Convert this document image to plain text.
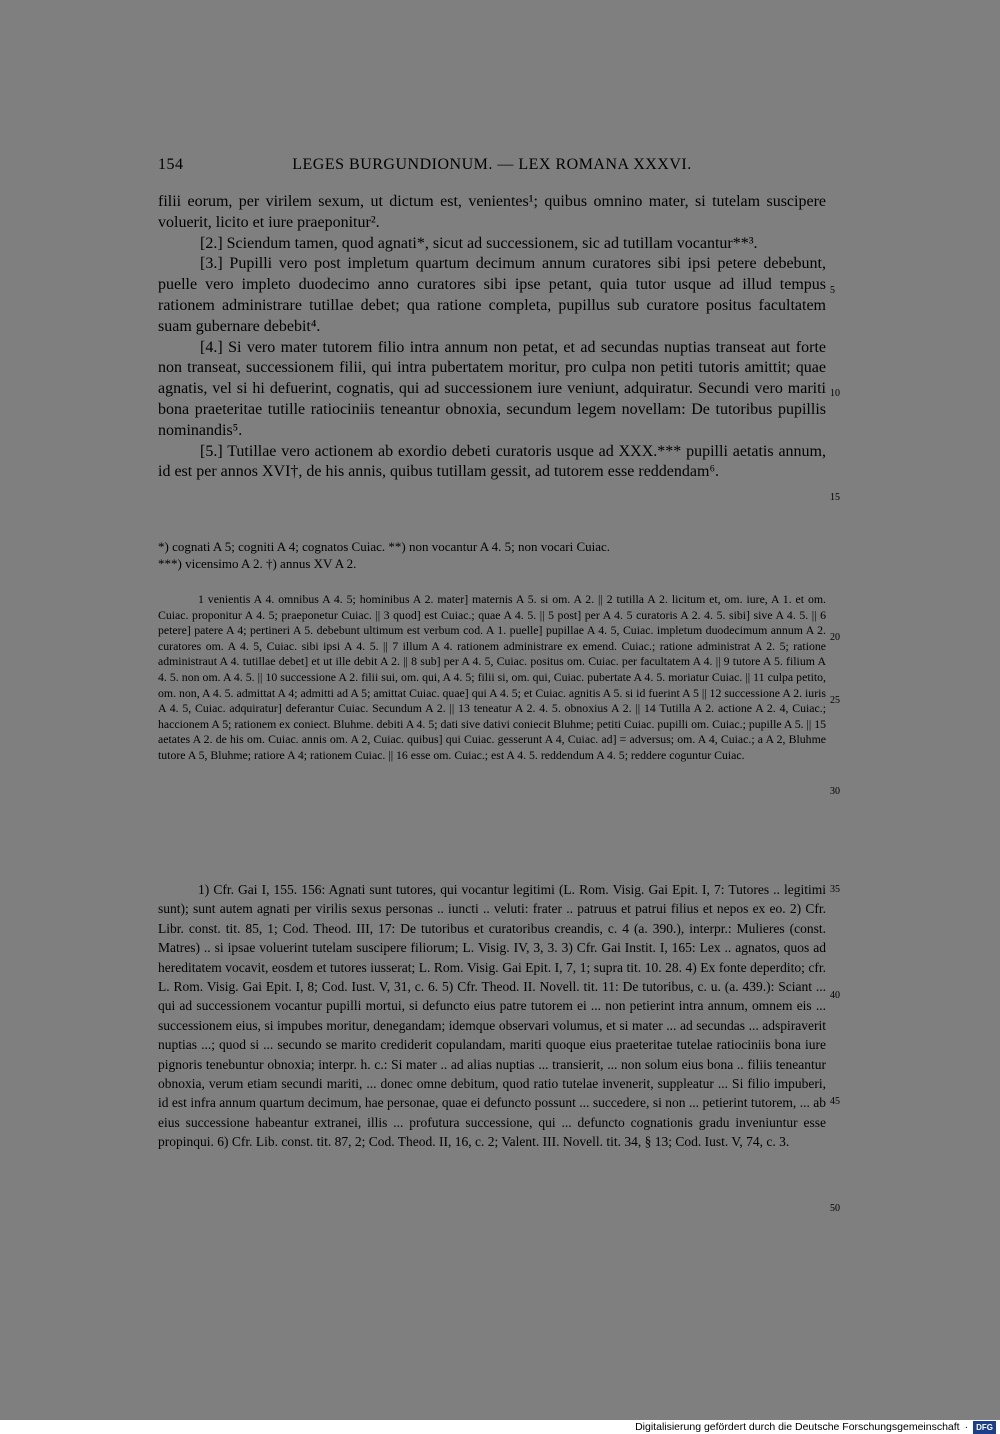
154	LEGES BURGUNDIONUM. — LEX ROMANA XXXVI.

filii eorum, per virilem sexum, ut dictum est, venientes¹; quibus omnino mater, si tutelam suscipere voluerit, licito et iure praeponitur².

[2.] Sciendum tamen, quod agnati*, sicut ad successionem, sic ad tutillam vocantur**³.

[3.] Pupilli vero post impletum quartum decimum annum curatores sibi ipsi petere debebunt, puelle vero impleto duodecimo anno curatores sibi ipse petant, quia tutor usque ad illud tempus rationem administrare tutillae debet; qua ratione completa, pupillus sub curatore positus facultatem suam gubernare debebit⁴.

[4.] Si vero mater tutorem filio intra annum non petat, et ad secundas nuptias transeat aut forte non transeat, successionem filii, qui intra pubertatem moritur, pro culpa non petiti tutoris amittit; quae agnatis, vel si hi defuerint, cognatis, qui ad successionem iure veniunt, adquiratur. Secundi vero mariti bona praeteritae tutille ratiociniis teneantur obnoxia, secundum legem novellam: De tutoribus pupillis nominandis⁵.

[5.] Tutillae vero actionem ab exordio debeti curatoris usque ad XXX.*** pupilli aetatis annum, id est per annos XVI†, de his annis, quibus tutillam gessit, ad tutorem esse reddendam⁶.

*) cognati A 5; cogniti A 4; cognatos Cuiac. **) non vocantur A 4. 5; non vocari Cuiac.

***) vicensimo A 2. †) annus XV A 2.

1 venientis A 4. omnibus A 4. 5; hominibus A 2. mater] maternis A 5. si om. A 2. || 2 tutilla A 2. licitum et, om. iure, A 1. et om. Cuiac. proponitur A 4. 5; praeponetur Cuiac. || 3 quod] est Cuiac.; quae A 4. 5. || 5 post] per A 4. 5 curatoris A 2. 4. 5. sibi] sive A 4. 5. || 6 petere] patere A 4; pertineri A 5. debebunt ultimum est verbum cod. A 1. puelle] pupillae A 4. 5, Cuiac. impletum duodecimum annum A 2. curatores om. A 4. 5, Cuiac. sibi ipsi A 4. 5. || 7 illum A 4. rationem administrare ex emend. Cuiac.; ratione administrat A 2. 5; ratione administraut A 4. tutillae debet] et ut ille debit A 2. || 8 sub] per A 4. 5, Cuiac. positus om. Cuiac. per facultatem A 4. || 9 tutore A 5. filium A 4. 5. non om. A 4. 5. || 10 successione A 2. filii sui, om. qui, A 4. 5; filii si, om. qui, Cuiac. pubertate A 4. 5. moriatur Cuiac. || 11 culpa petito, om. non, A 4. 5. admittat A 4; admitti ad A 5; amittat Cuiac. quae] qui A 4. 5; et Cuiac. agnitis A 5. si id fuerint A 5 || 12 successione A 2. iuris A 4. 5, Cuiac. adquiratur] deferantur Cuiac. Secundum A 2. || 13 teneatur A 2. 4. 5. obnoxius A 2. || 14 Tutilla A 2. actione A 2. 4, Cuiac.; haccionem A 5; rationem ex coniect. Bluhme. debiti A 4. 5; dati sive dativi coniecit Bluhme; petiti Cuiac. pupilli om. Cuiac.; pupille A 5. || 15 aetates A 2. de his om. Cuiac. annis om. A 2, Cuiac. quibus] qui Cuiac. gesserunt A 4, Cuiac. ad] = adversus; om. A 4, Cuiac.; a A 2, Bluhme tutore A 5, Bluhme; ratiore A 4; rationem Cuiac. || 16 esse om. Cuiac.; est A 4. 5. reddendum A 4. 5; reddere coguntur Cuiac.

1) Cfr. Gai I, 155. 156: Agnati sunt tutores, qui vocantur legitimi (L. Rom. Visig. Gai Epit. I, 7: Tutores .. legitimi sunt); sunt autem agnati per virilis sexus personas .. iuncti .. veluti: frater .. patruus et patrui filius et nepos ex eo. 2) Cfr. Libr. const. tit. 85, 1; Cod. Theod. III, 17: De tutoribus et curatoribus creandis, c. 4 (a. 390.), interpr.: Mulieres (const. Matres) .. si ipsae voluerint tutelam suscipere filiorum; L. Visig. IV, 3, 3. 3) Cfr. Gai Instit. I, 165: Lex .. agnatos, quos ad hereditatem vocavit, eosdem et tutores iusserat; L. Rom. Visig. Gai Epit. I, 7, 1; supra tit. 10. 28. 4) Ex fonte deperdito; cfr. L. Rom. Visig. Gai Epit. I, 8; Cod. Iust. V, 31, c. 6. 5) Cfr. Theod. II. Novell. tit. 11: De tutoribus, c. u. (a. 439.): Sciant ... qui ad successionem vocantur pupilli mortui, si defuncto eius patre tutorem ei ... non petierint intra annum, omnem eis ... successionem eius, si impubes moritur, denegandam; idemque observari volumus, et si mater ... ad secundas ... adspiraverit nuptias ...; quod si ... secundo se marito crediderit copulandam, mariti quoque eius praeteritae tutelae ratiociniis bona iure pignoris tenebuntur obnoxia; interpr. h. c.: Si mater .. ad alias nuptias ... transierit, ... non solum eius bona .. filiis teneantur obnoxia, verum etiam secundi mariti, ... donec omne debitum, quod ratio tutelae invenerit, suppleatur ... Si filio impuberi, id est infra annum quartum decimum, hae personae, quae ei defuncto possunt ... succedere, si non ... petierint tutorem, ... ab eius successione habeantur extranei, illis ... profutura successione, qui ... defuncto cognationis gradu inveniuntur esse propinqui. 6) Cfr. Lib. const. tit. 87, 2; Cod. Theod. II, 16, c. 2; Valent. III. Novell. tit. 34, § 13; Cod. Iust. V, 74, c. 3.

5
10
15
20
25
30
35
40
45
50
Digitalisierung gefördert durch die Deutsche Forschungsgemeinschaft ·	DFG
